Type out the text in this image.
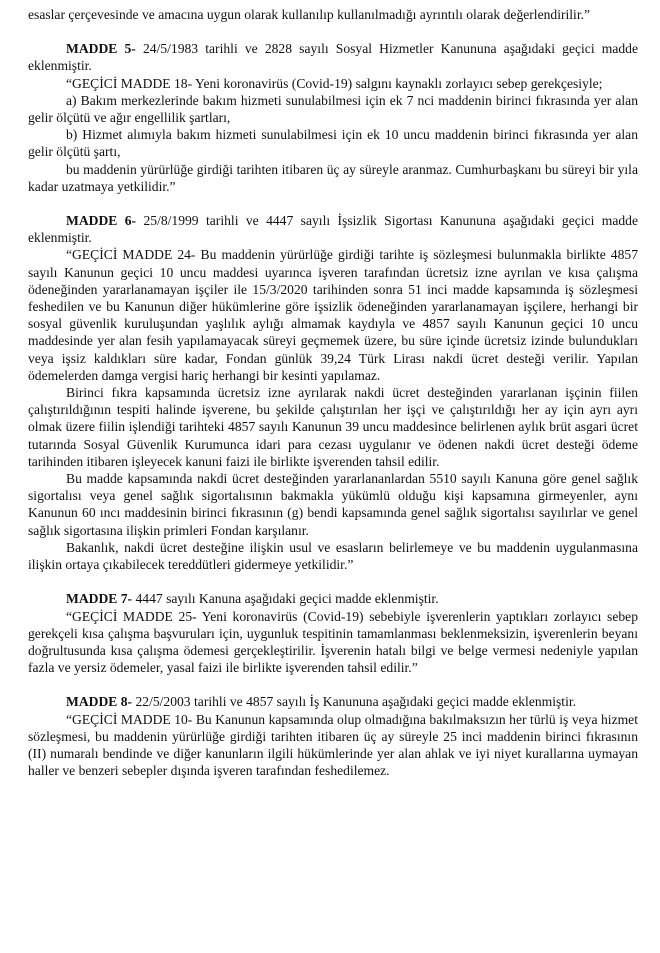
esaslar çerçevesinde ve amacına uygun olarak kullanılıp kullanılmadığı ayrıntılı olarak değerlendirilir.”

MADDE 5- 24/5/1983 tarihli ve 2828 sayılı Sosyal Hizmetler Kanununa aşağıdaki geçici madde eklenmiştir.

“GEÇİCİ MADDE 18- Yeni koronavirüs (Covid-19) salgını kaynaklı zorlayıcı sebep gerekçesiyle;

a) Bakım merkezlerinde bakım hizmeti sunulabilmesi için ek 7 nci maddenin birinci fıkrasında yer alan gelir ölçütü ve ağır engellilik şartları,

b) Hizmet alımıyla bakım hizmeti sunulabilmesi için ek 10 uncu maddenin birinci fıkrasında yer alan gelir ölçütü şartı,

bu maddenin yürürlüğe girdiği tarihten itibaren üç ay süreyle aranmaz. Cumhurbaşkanı bu süreyi bir yıla kadar uzatmaya yetkilidir.”

MADDE 6- 25/8/1999 tarihli ve 4447 sayılı İşsizlik Sigortası Kanununa aşağıdaki geçici madde eklenmiştir.

“GEÇİCİ MADDE 24- Bu maddenin yürürlüğe girdiği tarihte iş sözleşmesi bulunmakla birlikte 4857 sayılı Kanunun geçici 10 uncu maddesi uyarınca işveren tarafından ücretsiz izne ayrılan ve kısa çalışma ödeneğinden yararlanamayan işçiler ile 15/3/2020 tarihinden sonra 51 inci madde kapsamında iş sözleşmesi feshedilen ve bu Kanunun diğer hükümlerine göre işsizlik ödeneğinden yararlanamayan işçilere, herhangi bir sosyal güvenlik kuruluşundan yaşlılık aylığı almamak kaydıyla ve 4857 sayılı Kanunun geçici 10 uncu maddesinde yer alan fesih yapılamayacak süreyi geçmemek üzere, bu süre içinde ücretsiz izinde bulundukları veya işsiz kaldıkları süre kadar, Fondan günlük 39,24 Türk Lirası nakdi ücret desteği verilir. Yapılan ödemelerden damga vergisi hariç herhangi bir kesinti yapılamaz.

Birinci fıkra kapsamında ücretsiz izne ayrılarak nakdi ücret desteğinden yararlanan işçinin fiilen çalıştırıldığının tespiti halinde işverene, bu şekilde çalıştırılan her işçi ve çalıştırıldığı her ay için ayrı ayrı olmak üzere fiilin işlendiği tarihteki 4857 sayılı Kanunun 39 uncu maddesince belirlenen aylık brüt asgari ücret tutarında Sosyal Güvenlik Kurumunca idari para cezası uygulanır ve ödenen nakdi ücret desteği ödeme tarihinden itibaren işleyecek kanuni faizi ile birlikte işverenden tahsil edilir.

Bu madde kapsamında nakdi ücret desteğinden yararlananlardan 5510 sayılı Kanuna göre genel sağlık sigortalısı veya genel sağlık sigortalısının bakmakla yükümlü olduğu kişi kapsamına girmeyenler, aynı Kanunun 60 ıncı maddesinin birinci fıkrasının (g) bendi kapsamında genel sağlık sigortalısı sayılırlar ve genel sağlık sigortasına ilişkin primleri Fondan karşılanır.

Bakanlık, nakdi ücret desteğine ilişkin usul ve esasların belirlemeye ve bu maddenin uygulanmasına ilişkin ortaya çıkabilecek tereddütleri gidermeye yetkilidir.”

MADDE 7- 4447 sayılı Kanuna aşağıdaki geçici madde eklenmiştir.

“GEÇİCİ MADDE 25- Yeni koronavirüs (Covid-19) sebebiyle işverenlerin yaptıkları zorlayıcı sebep gerekçeli kısa çalışma başvuruları için, uygunluk tespitinin tamamlanması beklenmeksizin, işverenlerin beyanı doğrultusunda kısa çalışma ödemesi gerçekleştirilir. İşverenin hatalı bilgi ve belge vermesi nedeniyle yapılan fazla ve yersiz ödemeler, yasal faizi ile birlikte işverenden tahsil edilir.”

MADDE 8- 22/5/2003 tarihli ve 4857 sayılı İş Kanununa aşağıdaki geçici madde eklenmiştir.

“GEÇİCİ MADDE 10- Bu Kanunun kapsamında olup olmadığına bakılmaksızın her türlü iş veya hizmet sözleşmesi, bu maddenin yürürlüğe girdiği tarihten itibaren üç ay süreyle 25 inci maddenin birinci fıkrasının (II) numaralı bendinde ve diğer kanunların ilgili hükümlerinde yer alan ahlak ve iyi niyet kurallarına uymayan haller ve benzeri sebepler dışında işveren tarafından feshedilemez.
